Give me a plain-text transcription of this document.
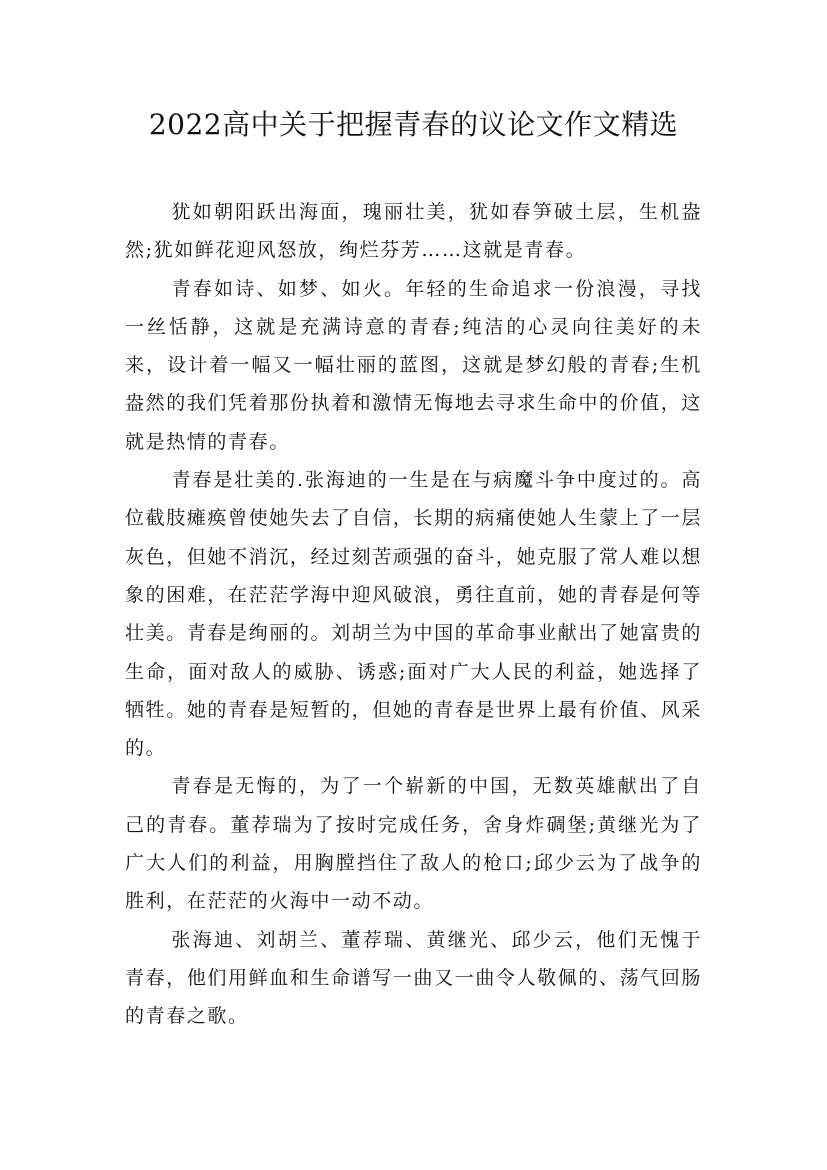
2022高中关于把握青春的议论文作文精选

犹如朝阳跃出海面，瑰丽壮美，犹如春笋破土层，生机盎然;犹如鲜花迎风怒放，绚烂芬芳……这就是青春。

青春如诗、如梦、如火。年轻的生命追求一份浪漫，寻找一丝恬静，这就是充满诗意的青春;纯洁的心灵向往美好的未来，设计着一幅又一幅壮丽的蓝图，这就是梦幻般的青春;生机盎然的我们凭着那份执着和激情无悔地去寻求生命中的价值，这就是热情的青春。

青春是壮美的.张海迪的一生是在与病魔斗争中度过的。高位截肢瘫痪曾使她失去了自信，长期的病痛使她人生蒙上了一层灰色，但她不消沉，经过刻苦顽强的奋斗，她克服了常人难以想象的困难，在茫茫学海中迎风破浪，勇往直前，她的青春是何等壮美。青春是绚丽的。刘胡兰为中国的革命事业献出了她富贵的生命，面对敌人的威胁、诱惑;面对广大人民的利益，她选择了牺牲。她的青春是短暂的，但她的青春是世界上最有价值、风采的。

青春是无悔的，为了一个崭新的中国，无数英雄献出了自己的青春。董荐瑞为了按时完成任务，舍身炸碉堡;黄继光为了广大人们的利益，用胸膛挡住了敌人的枪口;邱少云为了战争的胜利，在茫茫的火海中一动不动。

张海迪、刘胡兰、董荐瑞、黄继光、邱少云，他们无愧于青春，他们用鲜血和生命谱写一曲又一曲令人敬佩的、荡气回肠的青春之歌。
